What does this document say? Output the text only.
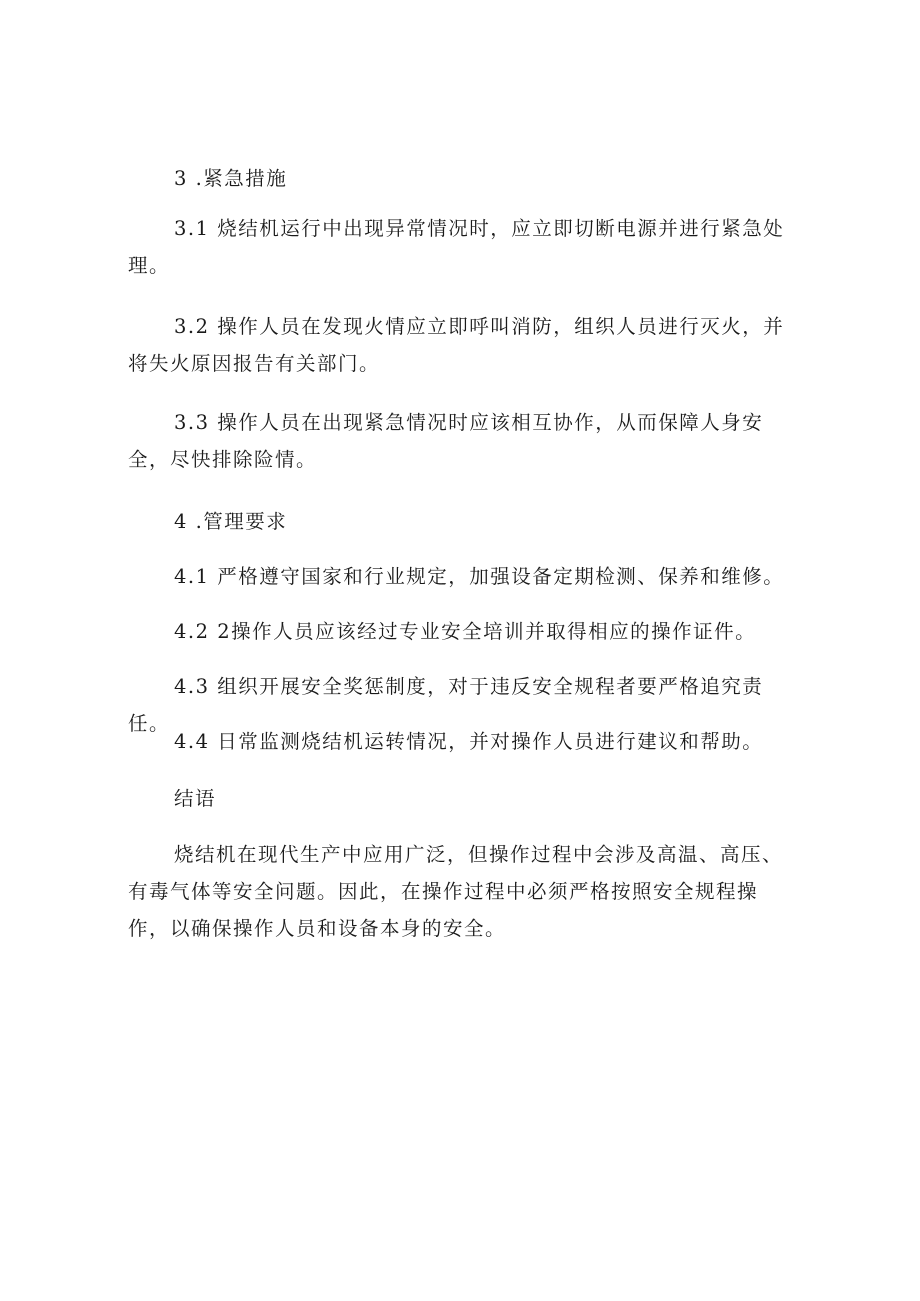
3 .紧急措施

3.1 烧结机运行中出现异常情况时，应立即切断电源并进行紧急处理。

3.2 操作人员在发现火情应立即呼叫消防，组织人员进行灭火，并将失火原因报告有关部门。

3.3 操作人员在出现紧急情况时应该相互协作，从而保障人身安全，尽快排除险情。

4 .管理要求

4.1 严格遵守国家和行业规定，加强设备定期检测、保养和维修。

4.2 2操作人员应该经过专业安全培训并取得相应的操作证件。

4.3 组织开展安全奖惩制度，对于违反安全规程者要严格追究责任。

4.4 日常监测烧结机运转情况，并对操作人员进行建议和帮助。

结语

烧结机在现代生产中应用广泛，但操作过程中会涉及高温、高压、有毒气体等安全问题。因此，在操作过程中必须严格按照安全规程操作，以确保操作人员和设备本身的安全。
